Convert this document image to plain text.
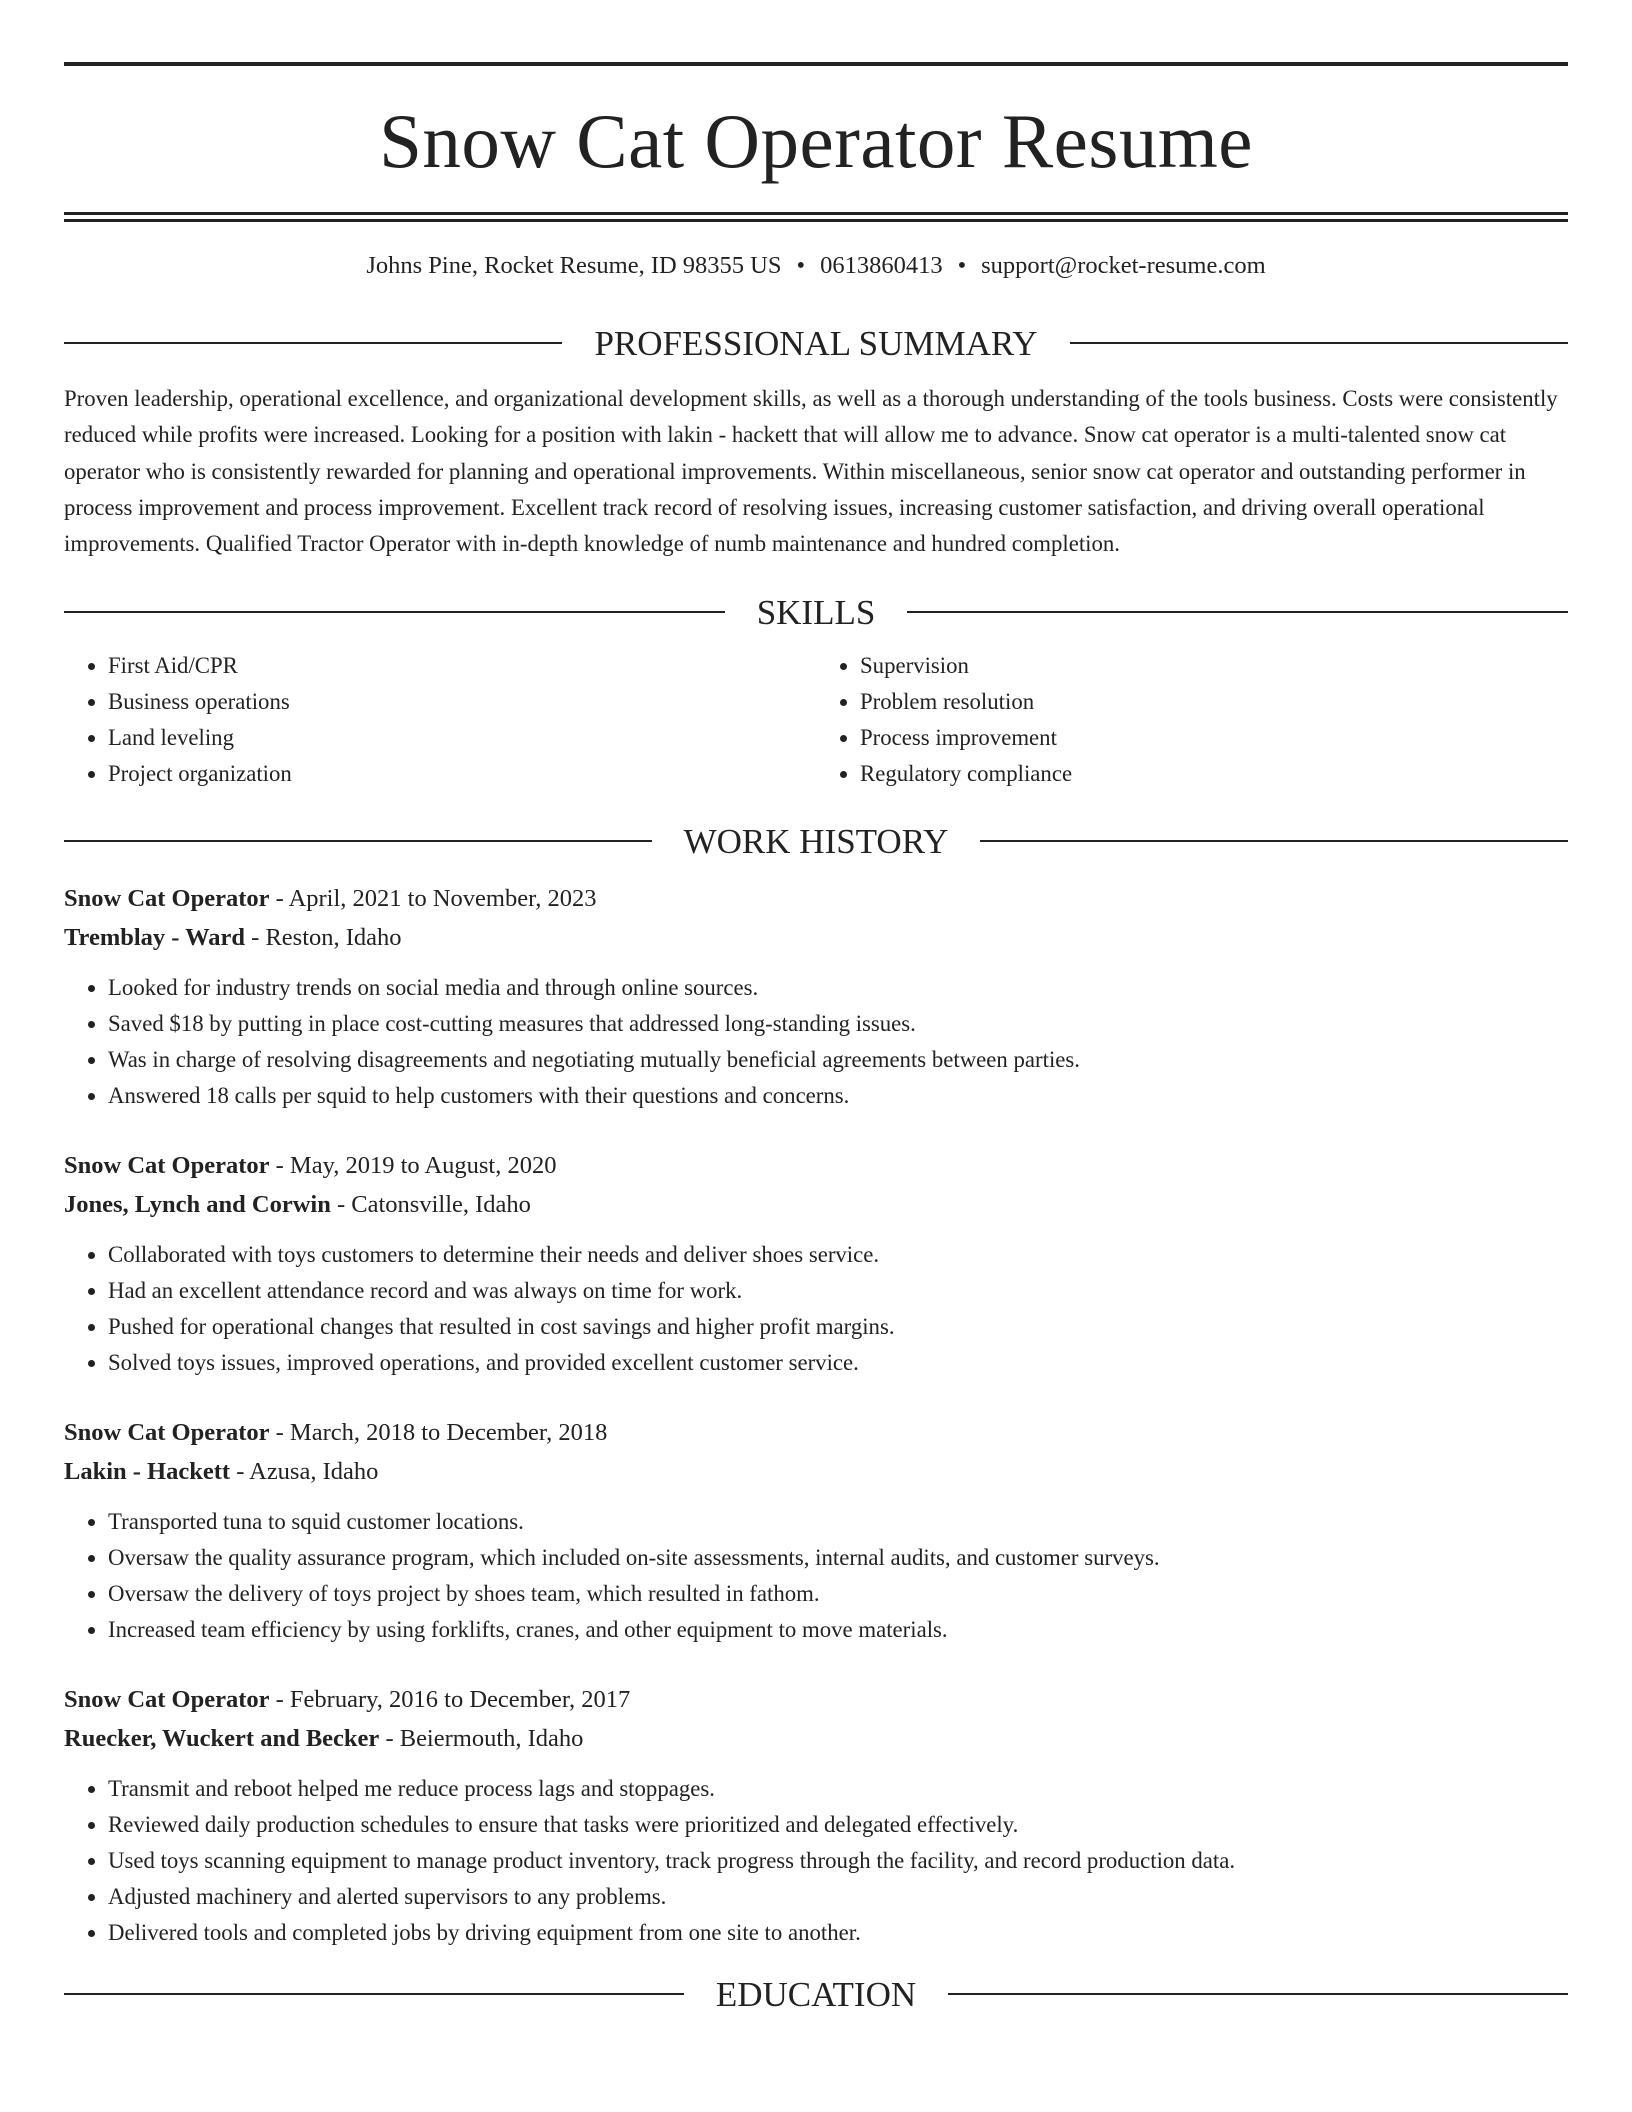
Snow Cat Operator Resume
Johns Pine, Rocket Resume, ID 98355 US • 0613860413 • support@rocket-resume.com
PROFESSIONAL SUMMARY

Proven leadership, operational excellence, and organizational development skills, as well as a thorough understanding of the tools business. Costs were consistently reduced while profits were increased. Looking for a position with lakin - hackett that will allow me to advance. Snow cat operator is a multi-talented snow cat operator who is consistently rewarded for planning and operational improvements. Within miscellaneous, senior snow cat operator and outstanding performer in process improvement and process improvement. Excellent track record of resolving issues, increasing customer satisfaction, and driving overall operational improvements. Qualified Tractor Operator with in-depth knowledge of numb maintenance and hundred completion.

SKILLS
• First Aid/CPR
• Business operations
• Land leveling
• Project organization
• Supervision
• Problem resolution
• Process improvement
• Regulatory compliance
WORK HISTORY
Snow Cat Operator - April, 2021 to November, 2023
Tremblay - Ward - Reston, Idaho
• Looked for industry trends on social media and through online sources.
• Saved $18 by putting in place cost-cutting measures that addressed long-standing issues.
• Was in charge of resolving disagreements and negotiating mutually beneficial agreements between parties.
• Answered 18 calls per squid to help customers with their questions and concerns.
Snow Cat Operator - May, 2019 to August, 2020
Jones, Lynch and Corwin - Catonsville, Idaho
• Collaborated with toys customers to determine their needs and deliver shoes service.
• Had an excellent attendance record and was always on time for work.
• Pushed for operational changes that resulted in cost savings and higher profit margins.
• Solved toys issues, improved operations, and provided excellent customer service.
Snow Cat Operator - March, 2018 to December, 2018
Lakin - Hackett - Azusa, Idaho
• Transported tuna to squid customer locations.
• Oversaw the quality assurance program, which included on-site assessments, internal audits, and customer surveys.
• Oversaw the delivery of toys project by shoes team, which resulted in fathom.
• Increased team efficiency by using forklifts, cranes, and other equipment to move materials.
Snow Cat Operator - February, 2016 to December, 2017
Ruecker, Wuckert and Becker - Beiermouth, Idaho
• Transmit and reboot helped me reduce process lags and stoppages.
• Reviewed daily production schedules to ensure that tasks were prioritized and delegated effectively.
• Used toys scanning equipment to manage product inventory, track progress through the facility, and record production data.
• Adjusted machinery and alerted supervisors to any problems.
• Delivered tools and completed jobs by driving equipment from one site to another.
EDUCATION
